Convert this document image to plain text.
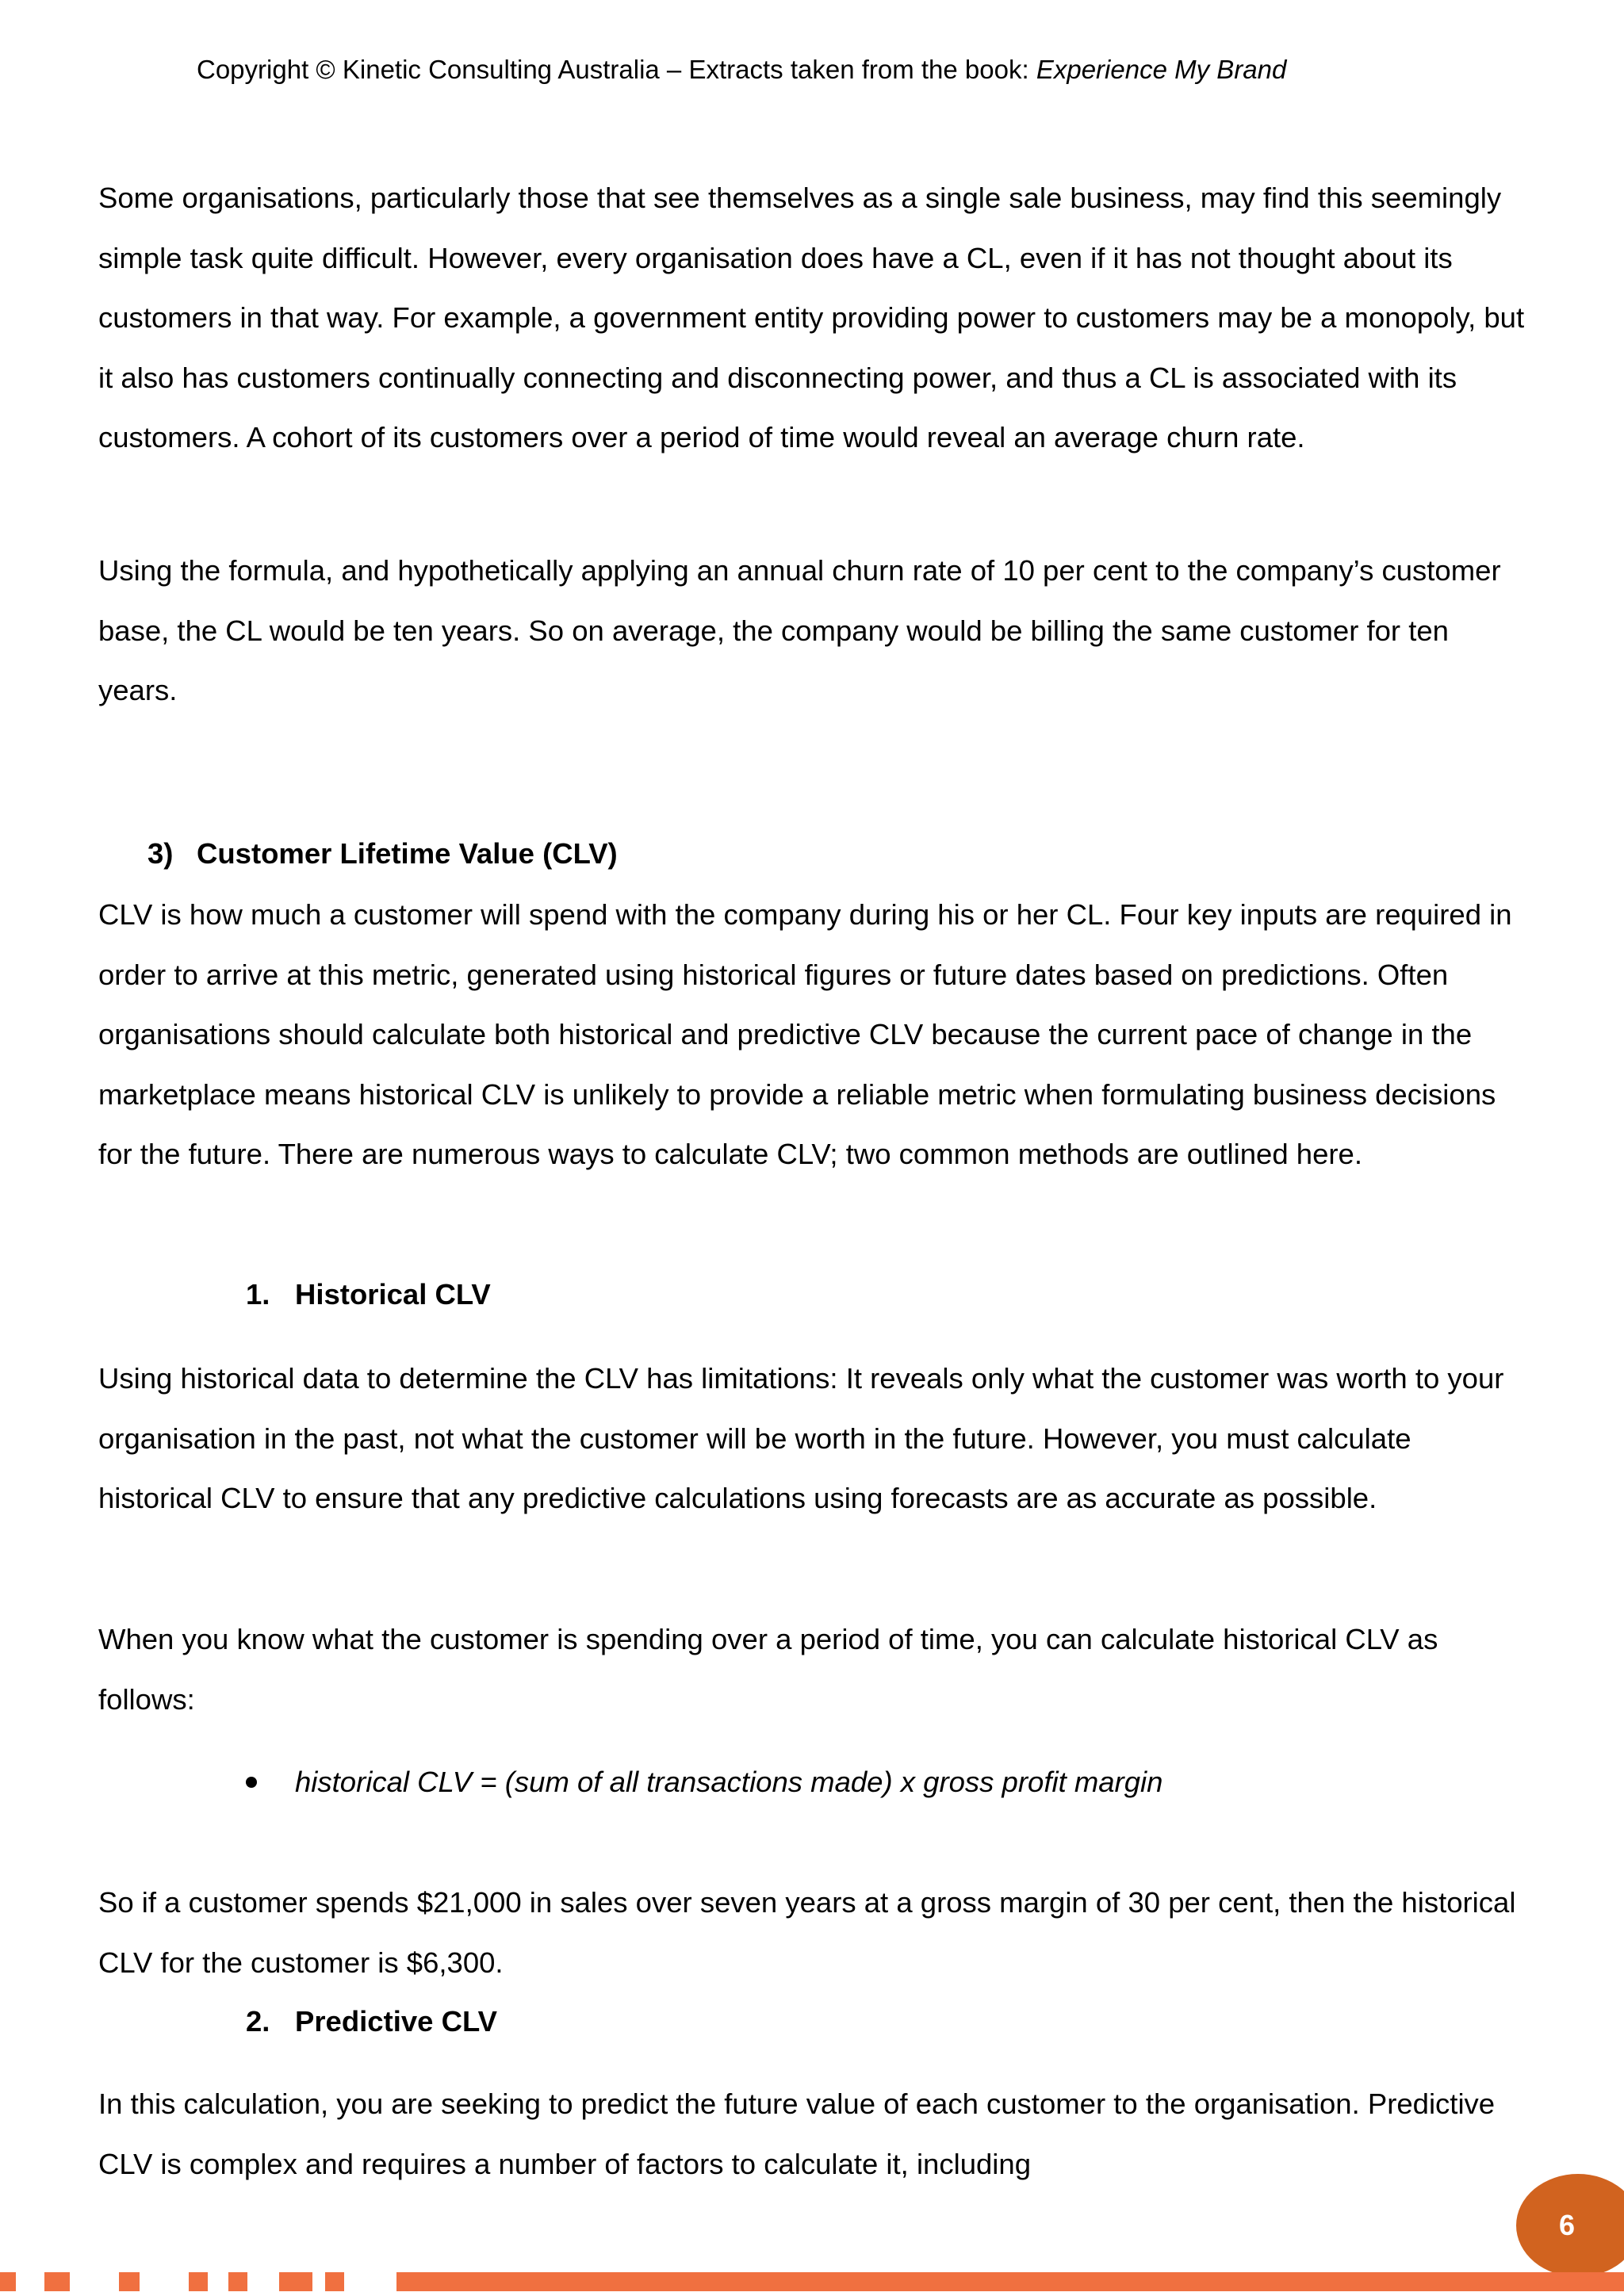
Copyright © Kinetic Consulting Australia – Extracts taken from the book: Experience My Brand

Some organisations, particularly those that see themselves as a single sale business, may find this seemingly simple task quite difficult. However, every organisation does have a CL, even if it has not thought about its customers in that way. For example, a government entity providing power to customers may be a monopoly, but it also has customers continually connecting and disconnecting power, and thus a CL is associated with its customers. A cohort of its customers over a period of time would reveal an average churn rate.

Using the formula, and hypothetically applying an annual churn rate of 10 per cent to the company’s customer base, the CL would be ten years. So on average, the company would be billing the same customer for ten years.

3) Customer Lifetime Value (CLV)

CLV is how much a customer will spend with the company during his or her CL. Four key inputs are required in order to arrive at this metric, generated using historical figures or future dates based on predictions. Often organisations should calculate both historical and predictive CLV because the current pace of change in the marketplace means historical CLV is unlikely to provide a reliable metric when formulating business decisions for the future. There are numerous ways to calculate CLV; two common methods are outlined here.

1. Historical CLV

Using historical data to determine the CLV has limitations: It reveals only what the customer was worth to your organisation in the past, not what the customer will be worth in the future. However, you must calculate historical CLV to ensure that any predictive calculations using forecasts are as accurate as possible.

When you know what the customer is spending over a period of time, you can calculate historical CLV as follows:

historical CLV = (sum of all transactions made) x gross profit margin

So if a customer spends $21,000 in sales over seven years at a gross margin of 30 per cent, then the historical CLV for the customer is $6,300.

2. Predictive CLV

In this calculation, you are seeking to predict the future value of each customer to the organisation. Predictive CLV is complex and requires a number of factors to calculate it, including

6
